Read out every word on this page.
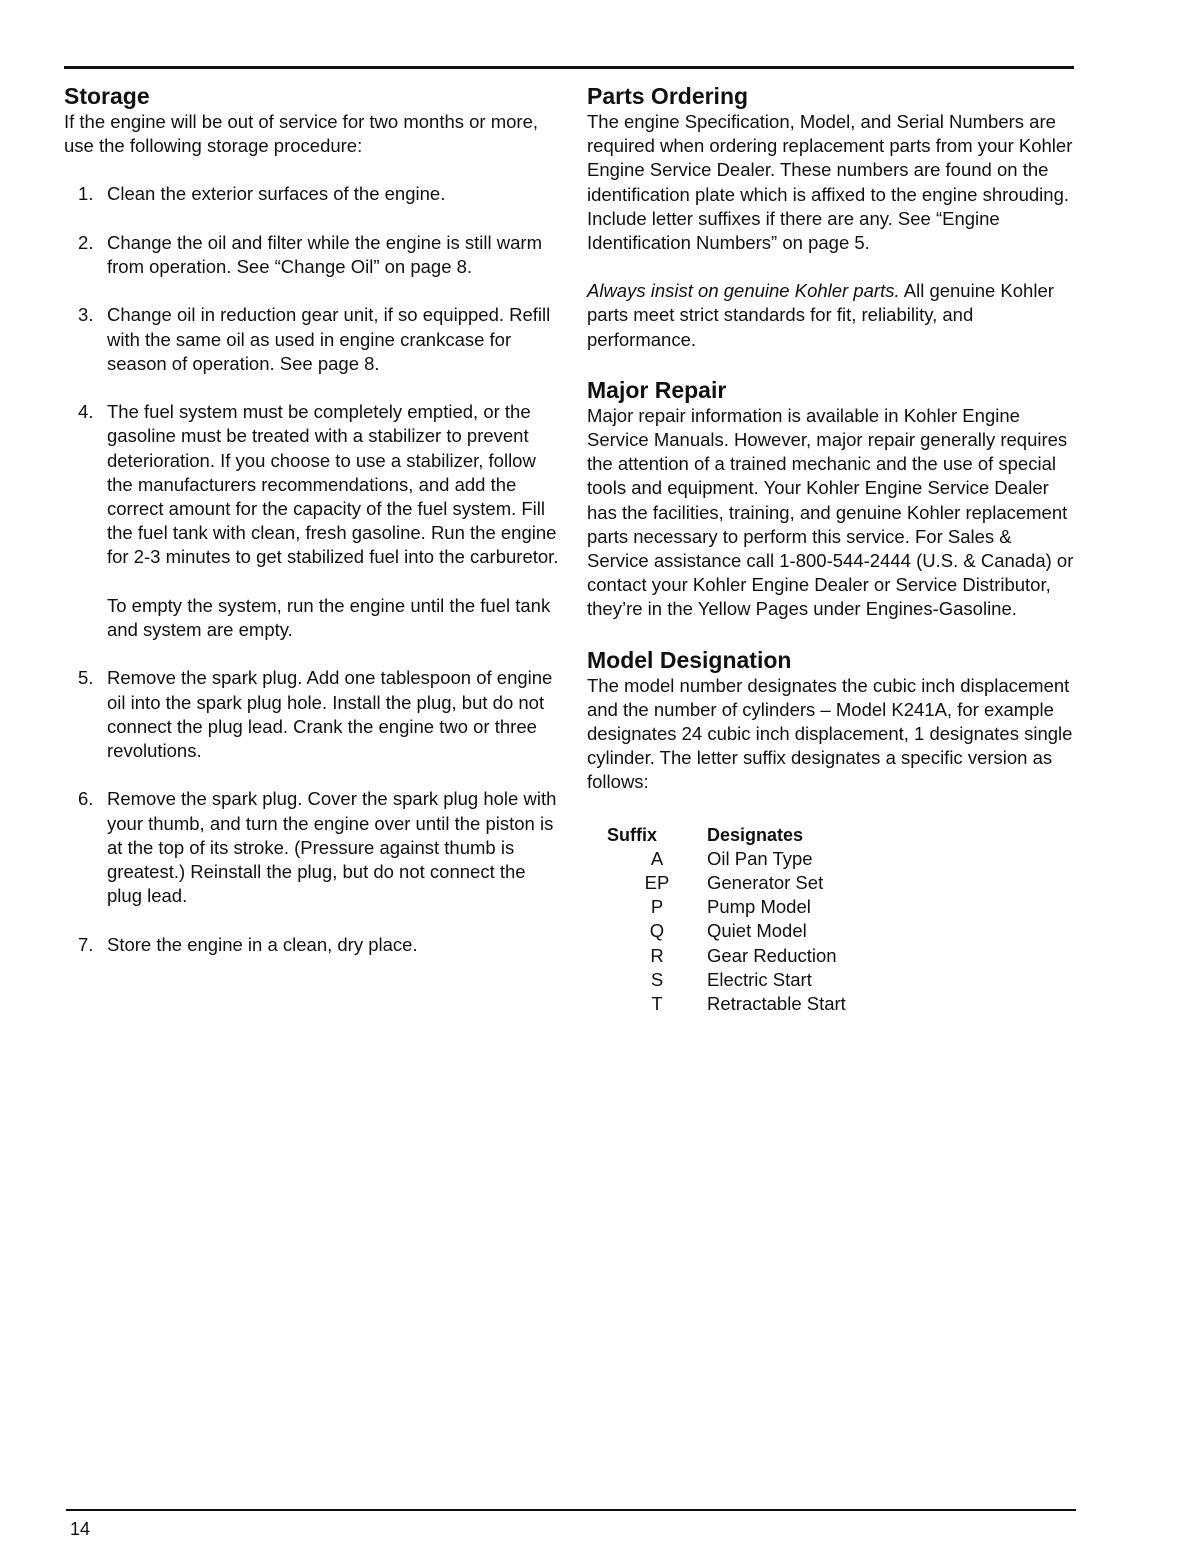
Storage

If the engine will be out of service for two months or more, use the following storage procedure:

1. Clean the exterior surfaces of the engine.
2. Change the oil and filter while the engine is still warm from operation. See “Change Oil” on page 8.
3. Change oil in reduction gear unit, if so equipped. Refill with the same oil as used in engine crankcase for season of operation. See page 8.
4. The fuel system must be completely emptied, or the gasoline must be treated with a stabilizer to prevent deterioration. If you choose to use a stabilizer, follow the manufacturers recommendations, and add the correct amount for the capacity of the fuel system. Fill the fuel tank with clean, fresh gasoline. Run the engine for 2-3 minutes to get stabilized fuel into the carburetor.
To empty the system, run the engine until the fuel tank and system are empty.
5. Remove the spark plug. Add one tablespoon of engine oil into the spark plug hole. Install the plug, but do not connect the plug lead. Crank the engine two or three revolutions.
6. Remove the spark plug. Cover the spark plug hole with your thumb, and turn the engine over until the piston is at the top of its stroke. (Pressure against thumb is greatest.) Reinstall the plug, but do not connect the plug lead.
7. Store the engine in a clean, dry place.
Parts Ordering

The engine Specification, Model, and Serial Numbers are required when ordering replacement parts from your Kohler Engine Service Dealer. These numbers are found on the identification plate which is affixed to the engine shrouding. Include letter suffixes if there are any. See “Engine Identification Numbers” on page 5.

Always insist on genuine Kohler parts. All genuine Kohler parts meet strict standards for fit, reliability, and performance.

Major Repair

Major repair information is available in Kohler Engine Service Manuals. However, major repair generally requires the attention of a trained mechanic and the use of special tools and equipment. Your Kohler Engine Service Dealer has the facilities, training, and genuine Kohler replacement parts necessary to perform this service. For Sales & Service assistance call 1-800-544-2444 (U.S. & Canada) or contact your Kohler Engine Dealer or Service Distributor, they’re in the Yellow Pages under Engines-Gasoline.

Model Designation

The model number designates the cubic inch displacement and the number of cylinders – Model K241A, for example designates 24 cubic inch displacement, 1 designates single cylinder. The letter suffix designates a specific version as follows:

Suffix	Designates
A	Oil Pan Type
EP	Generator Set
P	Pump Model
Q	Quiet Model
R	Gear Reduction
S	Electric Start
T	Retractable Start
14
